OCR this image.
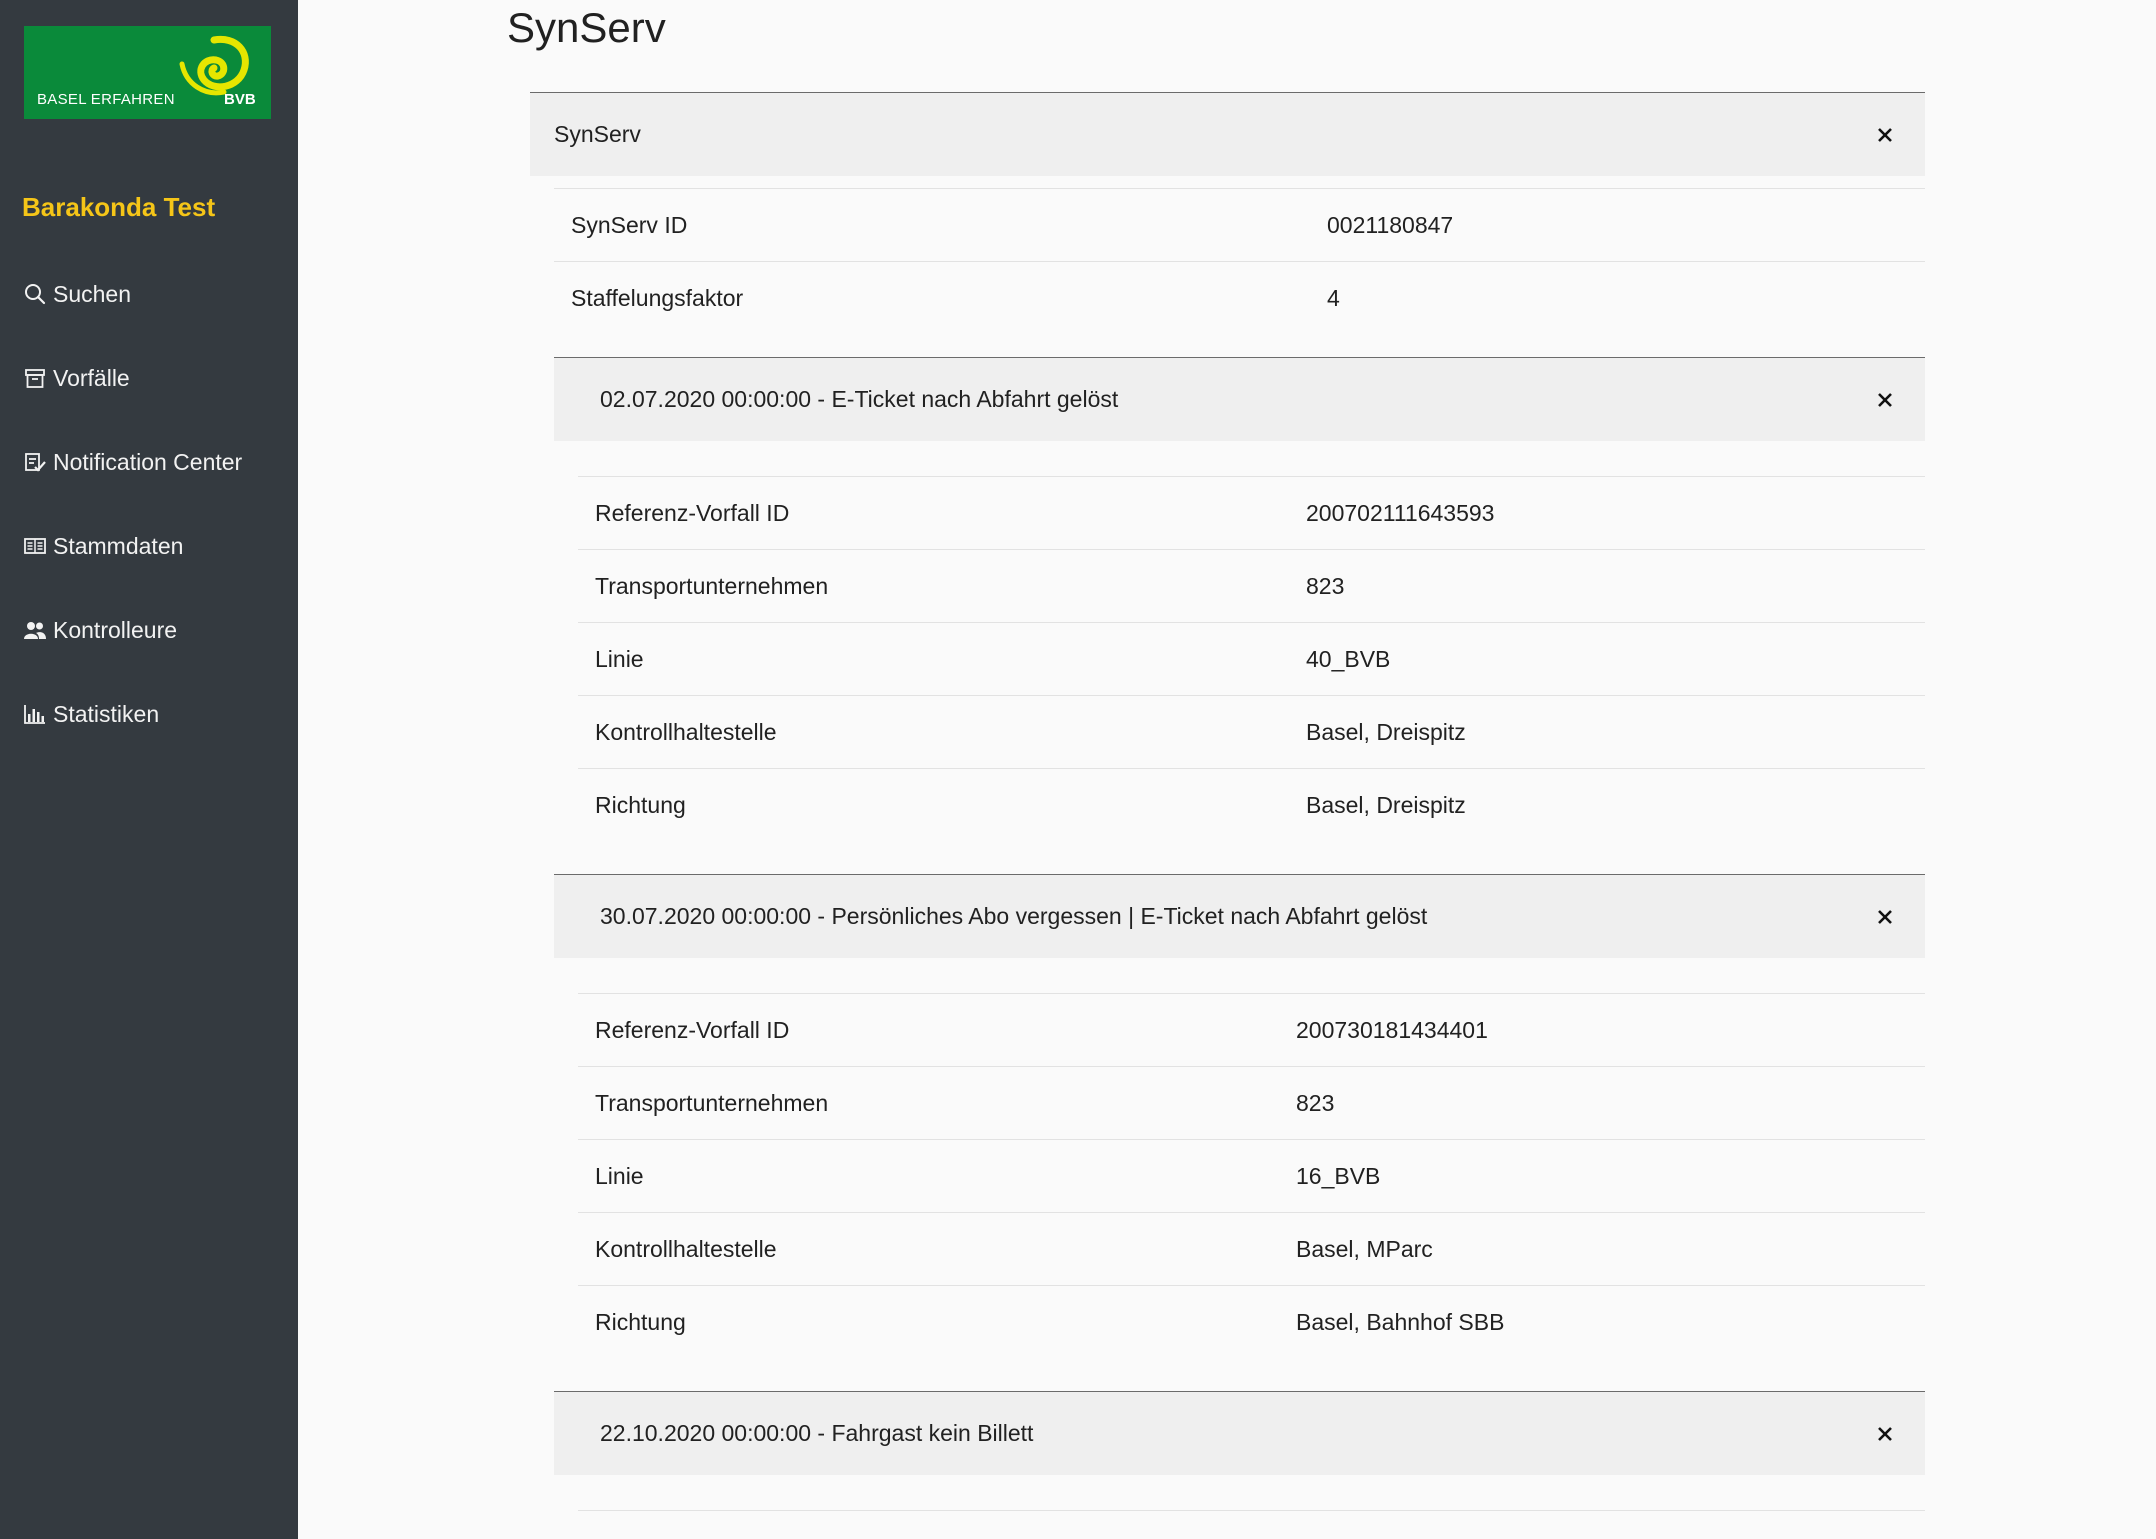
BASEL ERFAHREN	BVB
Barakonda Test
Suchen
Vorfälle
Notification Center
Stammdaten
Kontrolleure
Statistiken
SynServ
SynServ
SynServ ID	0021180847
Staffelungsfaktor	4
02.07.2020 00:00:00 - E-Ticket nach Abfahrt gelöst
Referenz-Vorfall ID	200702111643593
Transportunternehmen	823
Linie	40_BVB
Kontrollhaltestelle	Basel, Dreispitz
Richtung	Basel, Dreispitz
30.07.2020 00:00:00 - Persönliches Abo vergessen | E-Ticket nach Abfahrt gelöst
Referenz-Vorfall ID	200730181434401
Transportunternehmen	823
Linie	16_BVB
Kontrollhaltestelle	Basel, MParc
Richtung	Basel, Bahnhof SBB
22.10.2020 00:00:00 - Fahrgast kein Billett
